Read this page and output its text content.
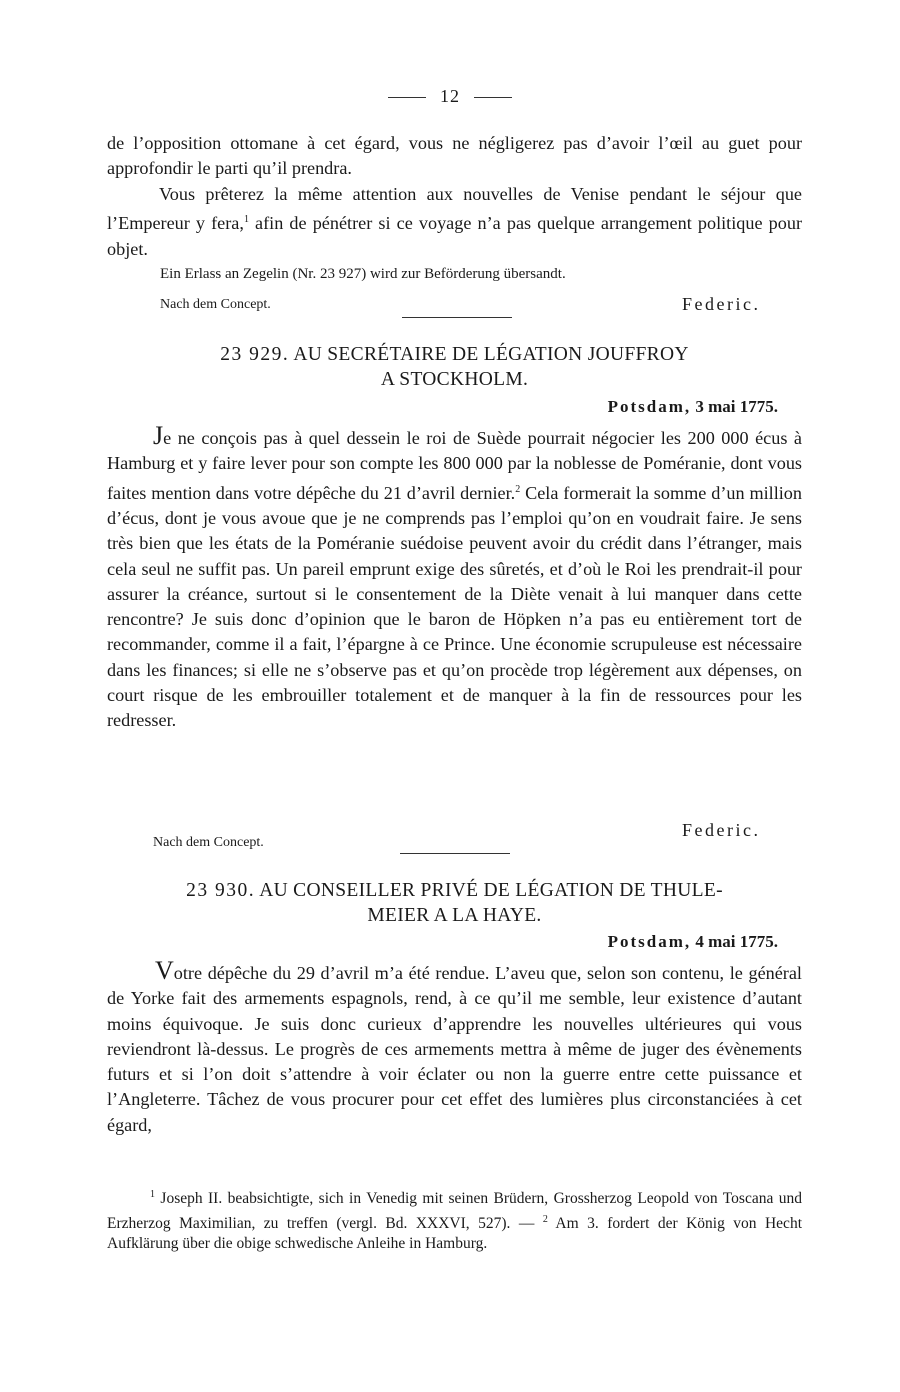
12

de l’opposition ottomane à cet égard, vous ne négligerez pas d’avoir l’œil au guet pour approfondir le parti qu’il prendra.

Vous prêterez la même attention aux nouvelles de Venise pendant le séjour que l’Empereur y fera,$^1$ afin de pénétrer si ce voyage n’a pas quelque arrangement politique pour objet.

Ein Erlass an Zegelin (Nr. 23 927) wird zur Beförderung übersandt.

Nach dem Concept.	Federic.
23 929. AU SECRÉTAIRE DE LÉGATION JOUFFROY
A STOCKHOLM.
Potsdam, 3 mai 1775.

Je ne conçois pas à quel dessein le roi de Suède pourrait négocier les 200 000 écus à Hamburg et y faire lever pour son compte les 800 000 par la noblesse de Poméranie, dont vous faites mention dans votre dépêche du 21 d’avril dernier.$^2$ Cela formerait la somme d’un million d’écus, dont je vous avoue que je ne comprends pas l’emploi qu’on en voudrait faire. Je sens très bien que les états de la Poméranie suédoise peuvent avoir du crédit dans l’étranger, mais cela seul ne suffit pas. Un pareil emprunt exige des sûretés, et d’où le Roi les prendrait-il pour assurer la créance, surtout si le consentement de la Diète venait à lui manquer dans cette rencontre? Je suis donc d’opinion que le baron de Höpken n’a pas eu entièrement tort de recommander, comme il a fait, l’épargne à ce Prince. Une économie scrupuleuse est nécessaire dans les finances; si elle ne s’observe pas et qu’on procède trop légèrement aux dépenses, on court risque de les embrouiller totalement et de manquer à la fin de ressources pour les redresser.

Federic.
Nach dem Concept.
23 930. AU CONSEILLER PRIVÉ DE LÉGATION DE THULE-
MEIER A LA HAYE.
Potsdam, 4 mai 1775.

Votre dépêche du 29 d’avril m’a été rendue. L’aveu que, selon son contenu, le général de Yorke fait des armements espagnols, rend, à ce qu’il me semble, leur existence d’autant moins équivoque. Je suis donc curieux d’apprendre les nouvelles ultérieures qui vous reviendront là-dessus. Le progrès de ces armements mettra à même de juger des évènements futurs et si l’on doit s’attendre à voir éclater ou non la guerre entre cette puissance et l’Angleterre. Tâchez de vous procurer pour cet effet des lumières plus circonstanciées à cet égard,

$^1$ Joseph II. beabsichtigte, sich in Venedig mit seinen Brüdern, Grossherzog Leopold von Toscana und Erzherzog Maximilian, zu treffen (vergl. Bd. XXXVI, 527). — $^2$ Am 3. fordert der König von Hecht Aufklärung über die obige schwedische Anleihe in Hamburg.
